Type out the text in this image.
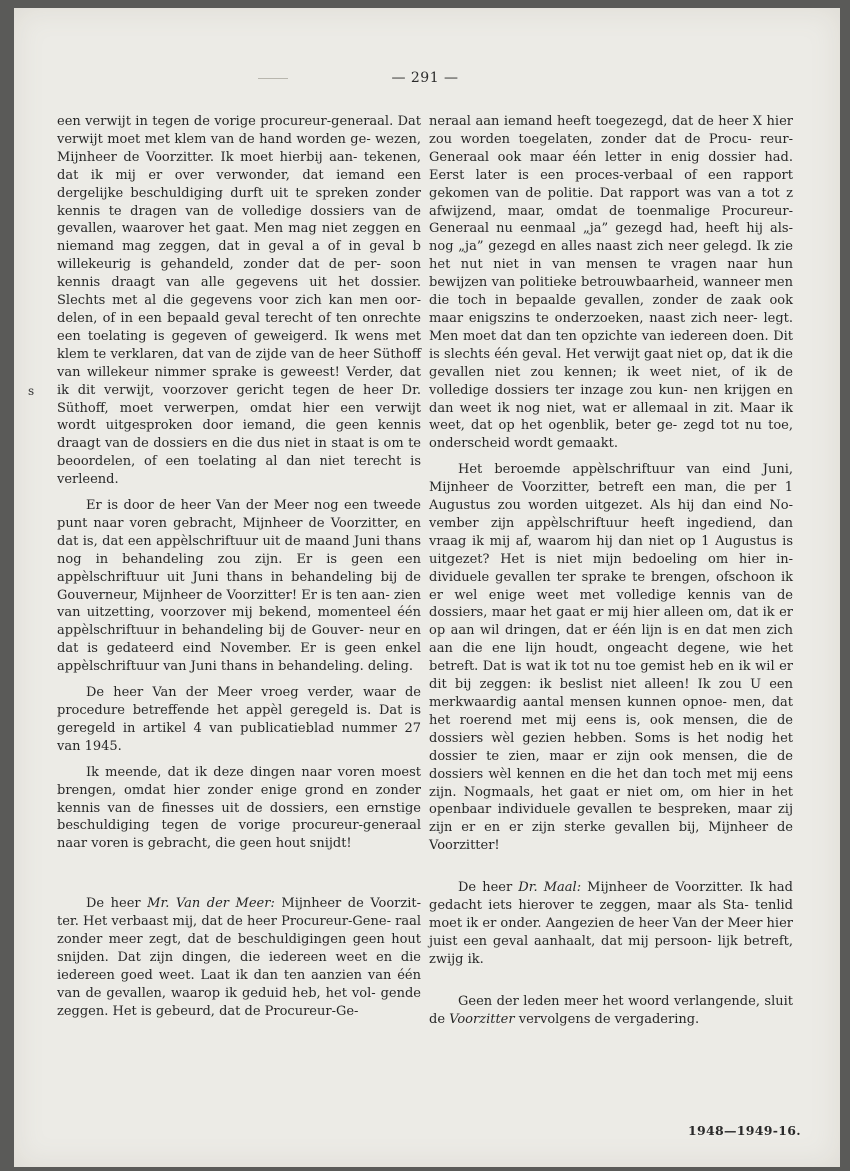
— 291 —
s

een verwijt in tegen de vorige procureur-generaal. Dat verwijt moet met klem van de hand worden ge- wezen, Mijnheer de Voorzitter. Ik moet hierbij aan- tekenen, dat ik mij er over verwonder, dat iemand een dergelijke beschuldiging durft uit te spreken zonder kennis te dragen van de volledige dossiers van de gevallen, waarover het gaat. Men mag niet zeggen en niemand mag zeggen, dat in geval a of in geval b willekeurig is gehandeld, zonder dat de per- soon kennis draagt van alle gegevens uit het dossier. Slechts met al die gegevens voor zich kan men oor- delen, of in een bepaald geval terecht of ten onrechte een toelating is gegeven of geweigerd. Ik wens met klem te verklaren, dat van de zijde van de heer Süthoff van willekeur nimmer sprake is geweest! Verder, dat ik dit verwijt, voorzover gericht tegen de heer Dr. Süthoff, moet verwerpen, omdat hier een verwijt wordt uitgesproken door iemand, die geen kennis draagt van de dossiers en die dus niet in staat is om te beoordelen, of een toelating al dan niet terecht is verleend.

Er is door de heer Van der Meer nog een tweede punt naar voren gebracht, Mijnheer de Voorzitter, en dat is, dat een appèlschriftuur uit de maand Juni thans nog in behandeling zou zijn. Er is geen een appèlschriftuur uit Juni thans in behandeling bij de Gouverneur, Mijnheer de Voorzitter! Er is ten aan- zien van uitzetting, voorzover mij bekend, momenteel één appèlschriftuur in behandeling bij de Gouver- neur en dat is gedateerd eind November. Er is geen enkel appèlschriftuur van Juni thans in behandeling. deling.

De heer Van der Meer vroeg verder, waar de procedure betreffende het appèl geregeld is. Dat is geregeld in artikel 4 van publicatieblad nummer 27 van 1945.

Ik meende, dat ik deze dingen naar voren moest brengen, omdat hier zonder enige grond en zonder kennis van de finesses uit de dossiers, een ernstige beschuldiging tegen de vorige procureur-generaal naar voren is gebracht, die geen hout snijdt!

De heer Mr. Van der Meer: Mijnheer de Voorzit- ter. Het verbaast mij, dat de heer Procureur-Gene- raal zonder meer zegt, dat de beschuldigingen geen hout snijden. Dat zijn dingen, die iedereen weet en die iedereen goed weet. Laat ik dan ten aanzien van één van de gevallen, waarop ik geduid heb, het vol- gende zeggen. Het is gebeurd, dat de Procureur-Ge-

neraal aan iemand heeft toegezegd, dat de heer X hier zou worden toegelaten, zonder dat de Procu- reur-Generaal ook maar één letter in enig dossier had. Eerst later is een proces-verbaal of een rapport gekomen van de politie. Dat rapport was van a tot z afwijzend, maar, omdat de toenmalige Procureur- Generaal nu eenmaal „ja” gezegd had, heeft hij als- nog „ja” gezegd en alles naast zich neer gelegd. Ik zie het nut niet in van mensen te vragen naar hun bewijzen van politieke betrouwbaarheid, wanneer men die toch in bepaalde gevallen, zonder de zaak ook maar enigszins te onderzoeken, naast zich neer- legt. Men moet dat dan ten opzichte van iedereen doen. Dit is slechts één geval. Het verwijt gaat niet op, dat ik die gevallen niet zou kennen; ik weet niet, of ik de volledige dossiers ter inzage zou kun- nen krijgen en dan weet ik nog niet, wat er allemaal in zit. Maar ik weet, dat op het ogenblik, beter ge- zegd tot nu toe, onderscheid wordt gemaakt.

Het beroemde appèlschriftuur van eind Juni, Mijnheer de Voorzitter, betreft een man, die per 1 Augustus zou worden uitgezet. Als hij dan eind No- vember zijn appèlschriftuur heeft ingediend, dan vraag ik mij af, waarom hij dan niet op 1 Augustus is uitgezet? Het is niet mijn bedoeling om hier in- dividuele gevallen ter sprake te brengen, ofschoon ik er wel enige weet met volledige kennis van de dossiers, maar het gaat er mij hier alleen om, dat ik er op aan wil dringen, dat er één lijn is en dat men zich aan die ene lijn houdt, ongeacht degene, wie het betreft. Dat is wat ik tot nu toe gemist heb en ik wil er dit bij zeggen: ik beslist niet alleen! Ik zou U een merkwaardig aantal mensen kunnen opnoe- men, dat het roerend met mij eens is, ook mensen, die de dossiers wèl gezien hebben. Soms is het nodig het dossier te zien, maar er zijn ook mensen, die de dossiers wèl kennen en die het dan toch met mij eens zijn. Nogmaals, het gaat er niet om, om hier in het openbaar individuele gevallen te bespreken, maar zij zijn er en er zijn sterke gevallen bij, Mijnheer de Voorzitter!

De heer Dr. Maal: Mijnheer de Voorzitter. Ik had gedacht iets hierover te zeggen, maar als Sta- tenlid moet ik er onder. Aangezien de heer Van der Meer hier juist een geval aanhaalt, dat mij persoon- lijk betreft, zwijg ik.

Geen der leden meer het woord verlangende, sluit de Voorzitter vervolgens de vergadering.

1948—1949-16.
